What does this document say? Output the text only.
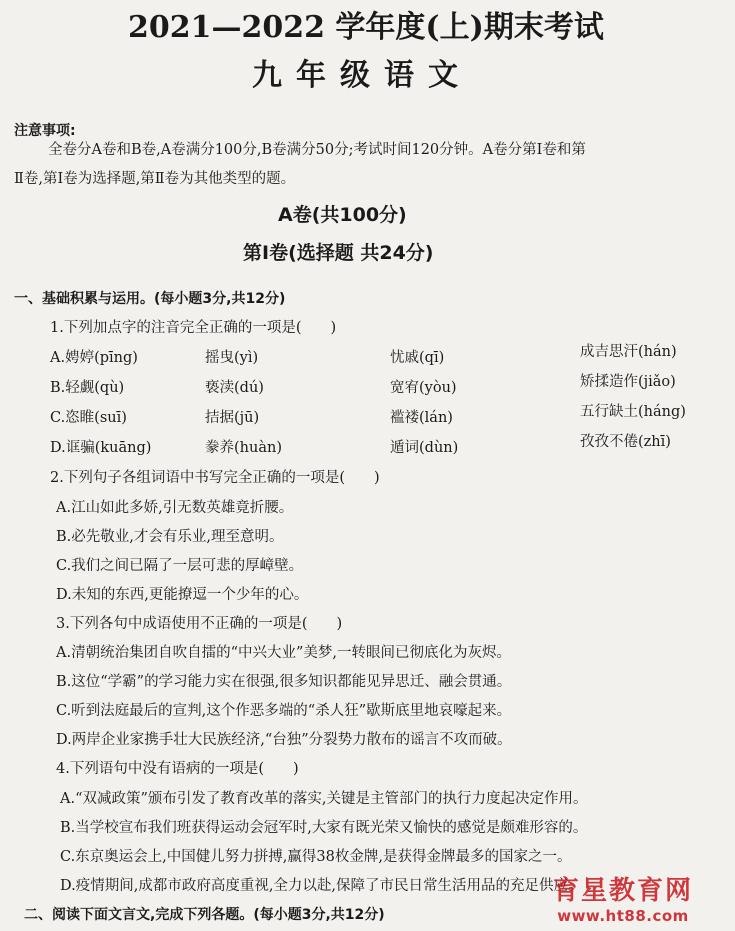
2021—2022 学年度(上)期末考试
九年级语文
注意事项:
全卷分A卷和B卷,A卷满分100分,B卷满分50分;考试时间120分钟。A卷分第Ⅰ卷和第
Ⅱ卷,第Ⅰ卷为选择题,第Ⅱ卷为其他类型的题。
A卷(共100分)
第Ⅰ卷(选择题 共24分)
一、基础积累与运用。(每小题3分,共12分)
1.下列加点字的注音完全正确的一项是(　　)
A.娉婷(pīng)	摇曳(yì)	忧戚(qī)	成吉思汗(hán)
B.轻觑(qù)	亵渎(dú)	宽宥(yòu)	矫揉造作(jiǎo)
C.恣睢(suī)	拮据(jū)	褴褛(lán)	五行缺土(háng)
D.诓骗(kuāng)	豢养(huàn)	遁词(dùn)	孜孜不倦(zhī)
2.下列句子各组词语中书写完全正确的一项是(　　)
A.江山如此多娇,引无数英雄竟折腰。
B.必先敬业,才会有乐业,理至意明。
C.我们之间已隔了一层可悲的厚嶂壁。
D.未知的东西,更能撩逗一个少年的心。
3.下列各句中成语使用不正确的一项是(　　)
A.清朝统治集团自吹自擂的“中兴大业”美梦,一转眼间已彻底化为灰烬。
B.这位“学霸”的学习能力实在很强,很多知识都能见异思迁、融会贯通。
C.听到法庭最后的宣判,这个作恶多端的“杀人狂”歇斯底里地哀嚎起来。
D.两岸企业家携手壮大民族经济,“台独”分裂势力散布的谣言不攻而破。
4.下列语句中没有语病的一项是(　　)
A.“双减政策”颁布引发了教育改革的落实,关键是主管部门的执行力度起决定作用。
B.当学校宣布我们班获得运动会冠军时,大家有既光荣又愉快的感觉是颇难形容的。
C.东京奥运会上,中国健儿努力拼搏,赢得38枚金牌,是获得金牌最多的国家之一。
D.疫情期间,成都市政府高度重视,全力以赴,保障了市民日常生活用品的充足供应。
二、阅读下面文言文,完成下列各题。(每小题3分,共12分)
育星教育网
www.ht88.com
